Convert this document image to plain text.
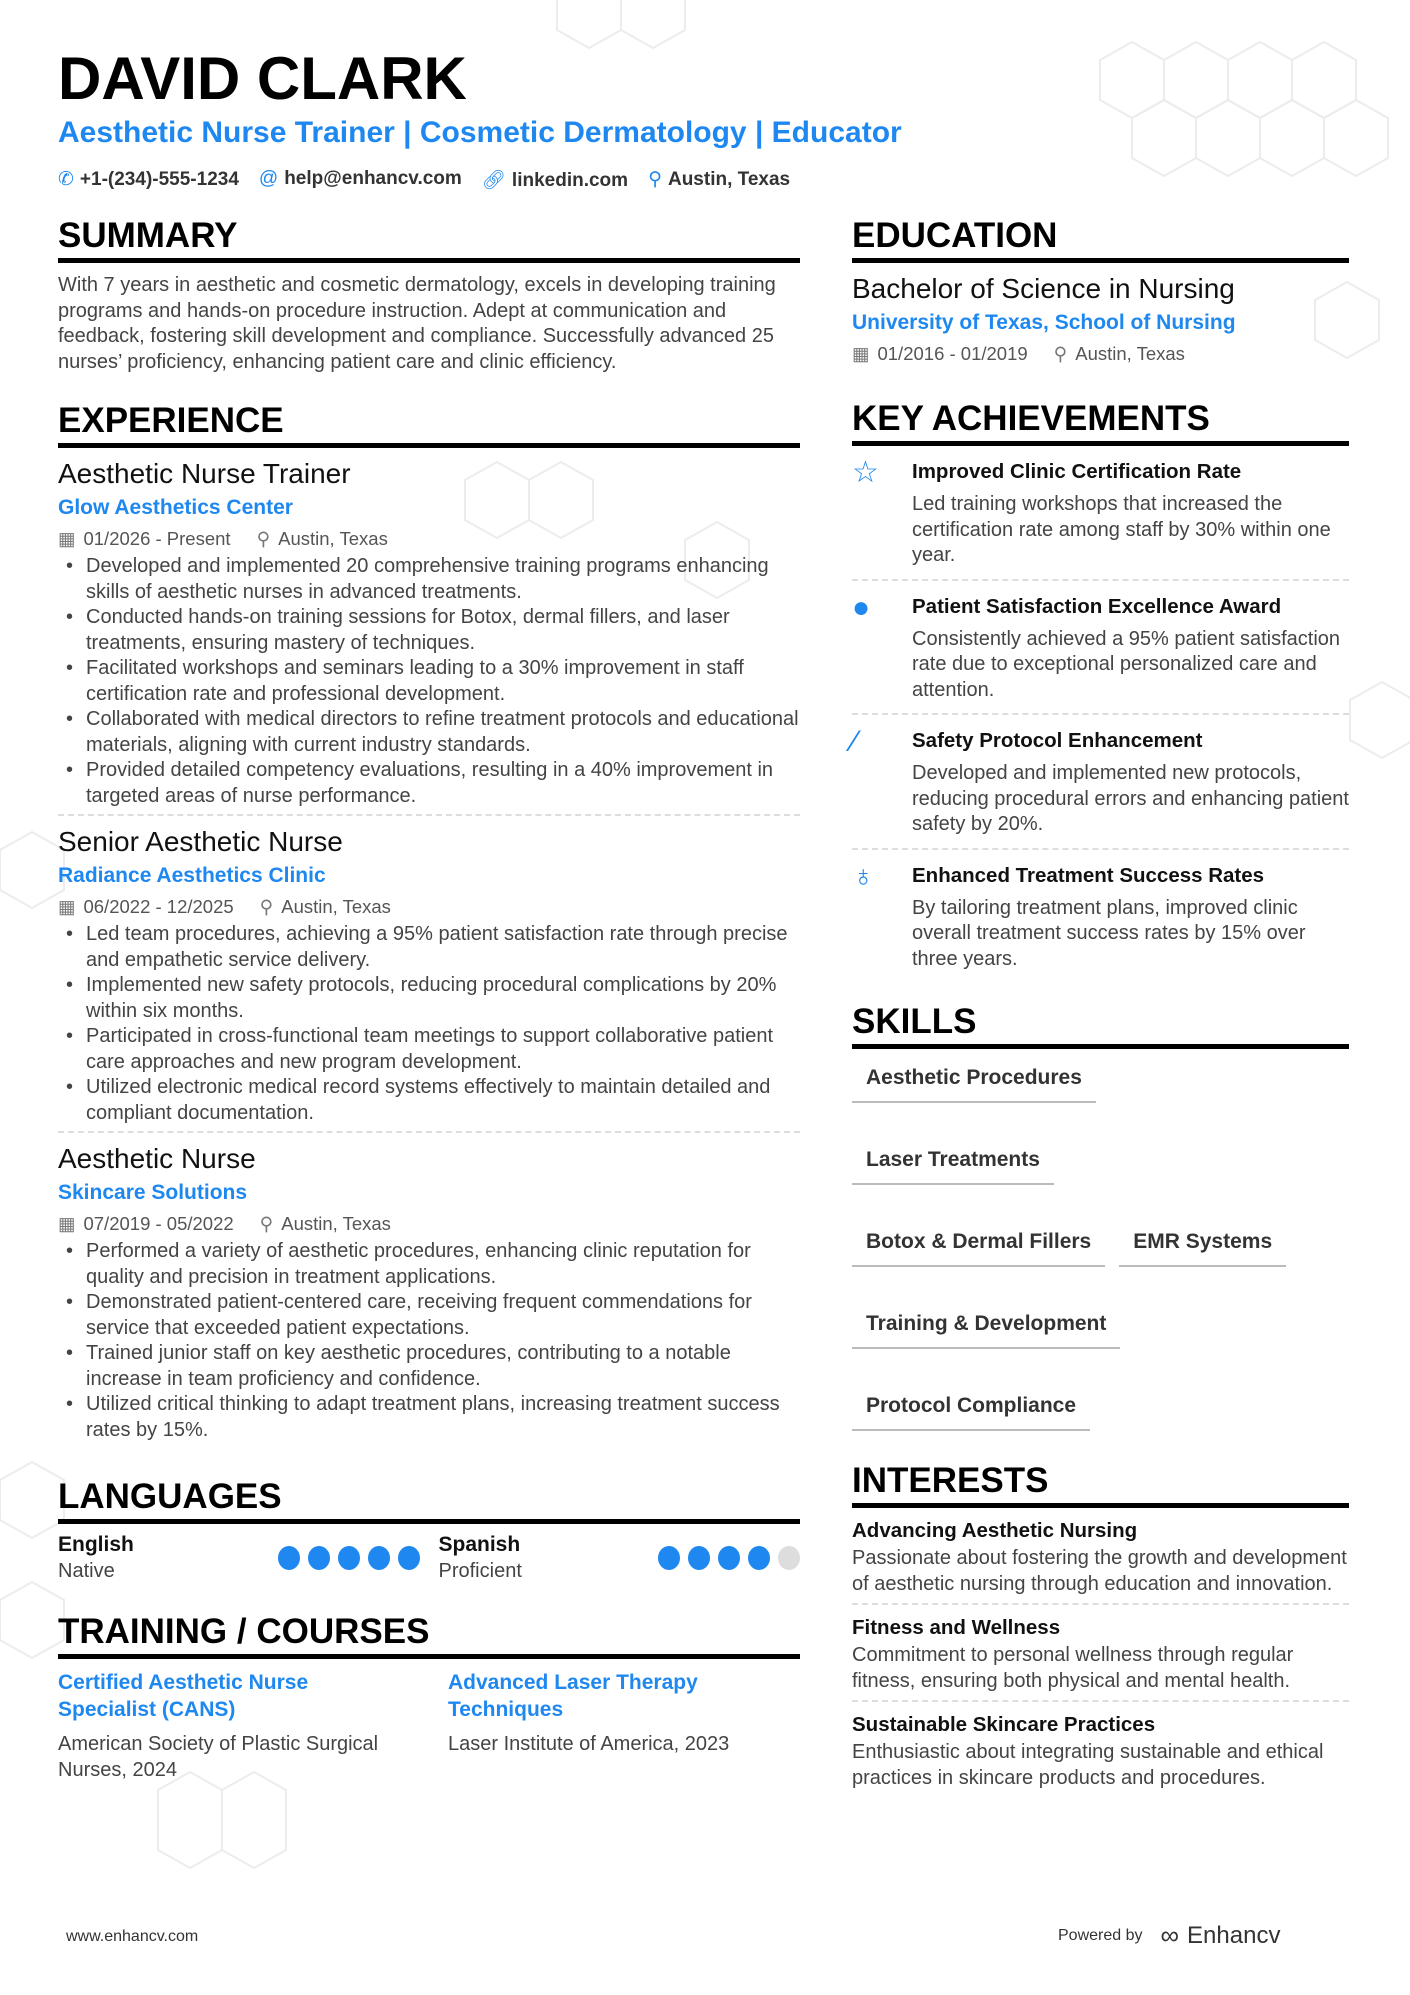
DAVID CLARK
Aesthetic Nurse Trainer | Cosmetic Dermatology | Educator
✆ +1-(234)-555-1234 @ help@enhancv.com 🔗︎ linkedin.com ⚲ Austin, Texas
SUMMARY
With 7 years in aesthetic and cosmetic dermatology, excels in developing training programs and hands-on procedure instruction. Adept at communication and feedback, fostering skill development and compliance. Successfully advanced 25 nurses’ proficiency, enhancing patient care and clinic efficiency.
EXPERIENCE
Aesthetic Nurse Trainer
Glow Aesthetics Center
▦ 01/2026 - Present ⚲ Austin, Texas
• Developed and implemented 20 comprehensive training programs enhancing skills of aesthetic nurses in advanced treatments.
• Conducted hands-on training sessions for Botox, dermal fillers, and laser treatments, ensuring mastery of techniques.
• Facilitated workshops and seminars leading to a 30% improvement in staff certification rate and professional development.
• Collaborated with medical directors to refine treatment protocols and educational materials, aligning with current industry standards.
• Provided detailed competency evaluations, resulting in a 40% improvement in targeted areas of nurse performance.
Senior Aesthetic Nurse
Radiance Aesthetics Clinic
▦ 06/2022 - 12/2025 ⚲ Austin, Texas
• Led team procedures, achieving a 95% patient satisfaction rate through precise and empathetic service delivery.
• Implemented new safety protocols, reducing procedural complications by 20% within six months.
• Participated in cross-functional team meetings to support collaborative patient care approaches and new program development.
• Utilized electronic medical record systems effectively to maintain detailed and compliant documentation.
Aesthetic Nurse
Skincare Solutions
▦ 07/2019 - 05/2022 ⚲ Austin, Texas
• Performed a variety of aesthetic procedures, enhancing clinic reputation for quality and precision in treatment applications.
• Demonstrated patient-centered care, receiving frequent commendations for service that exceeded patient expectations.
• Trained junior staff on key aesthetic procedures, contributing to a notable increase in team proficiency and confidence.
• Utilized critical thinking to adapt treatment plans, increasing treatment success rates by 15%.
LANGUAGES
English
Native
Spanish
Proficient
TRAINING / COURSES
Certified Aesthetic Nurse Specialist (CANS)
American Society of Plastic Surgical Nurses, 2024
Advanced Laser Therapy Techniques
Laser Institute of America, 2023
EDUCATION
Bachelor of Science in Nursing
University of Texas, School of Nursing
▦ 01/2016 - 01/2019 ⚲ Austin, Texas
KEY ACHIEVEMENTS
☆	Improved Clinic Certification Rate
Led training workshops that increased the certification rate among staff by 30% within one year.
●	Patient Satisfaction Excellence Award
Consistently achieved a 95% patient satisfaction rate due to exceptional personalized care and attention.
⁄	Safety Protocol Enhancement
Developed and implemented new protocols, reducing procedural errors and enhancing patient safety by 20%.
♁	Enhanced Treatment Success Rates
By tailoring treatment plans, improved clinic overall treatment success rates by 15% over three years.
SKILLS
Aesthetic Procedures
Laser Treatments
Botox & Dermal Fillers	EMR Systems
Training & Development
Protocol Compliance
INTERESTS
Advancing Aesthetic Nursing
Passionate about fostering the growth and development of aesthetic nursing through education and innovation.
Fitness and Wellness
Commitment to personal wellness through regular fitness, ensuring both physical and mental health.
Sustainable Skincare Practices
Enthusiastic about integrating sustainable and ethical practices in skincare products and procedures.
www.enhancv.com	Powered by ∞ Enhancv
